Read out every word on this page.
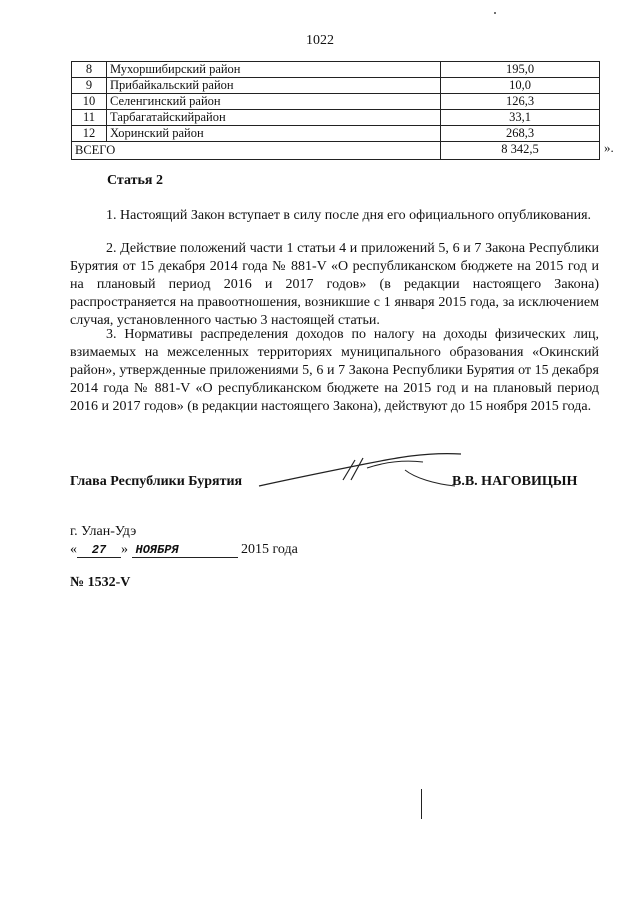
1022
8	Мухоршибирский район	195,0
9	Прибайкальский район	10,0
10	Селенгинский район	126,3
11	Тарбагатайскийрайон	33,1
12	Хоринский район	268,3
ВСЕГО		8 342,5	».
Статья 2

1. Настоящий Закон вступает в силу после дня его официального опубликования.

2. Действие положений части 1 статьи 4 и приложений 5, 6 и 7 Закона Республики Бурятия от 15 декабря 2014 года № 881-V «О республиканском бюджете на 2015 год и на плановый период 2016 и 2017 годов» (в редакции настоящего Закона) распространяется на правоотношения, возникшие с 1 января 2015 года, за исключением случая, установленного частью 3 настоящей статьи.

3. Нормативы распределения доходов по налогу на доходы физических лиц, взимаемых на межселенных территориях муниципального образования «Окинский район», утвержденные приложениями 5, 6 и 7 Закона Республики Бурятия от 15 декабря 2014 года № 881-V «О республиканском бюджете на 2015 год и на плановый период 2016 и 2017 годов» (в редакции настоящего Закона), действуют до 15 ноября 2015 года.

Глава Республики Бурятия	В.В. НАГОВИЦЫН
г. Улан-Удэ
« 27 » НОЯБРЯ	2015 года
№ 1532-V
